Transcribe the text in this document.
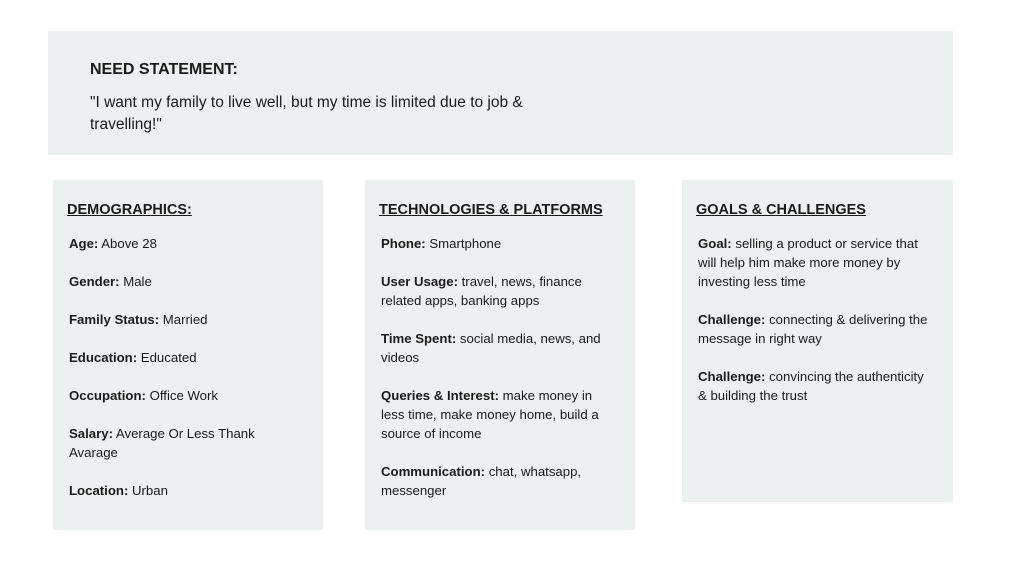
NEED STATEMENT:
"I want my family to live well, but my time is limited due to job & travelling!"
DEMOGRAPHICS:
Age: Above 28
Gender: Male
Family Status: Married
Education: Educated
Occupation: Office Work
Salary: Average Or Less Thank Avarage
Location: Urban
TECHNOLOGIES & PLATFORMS
Phone: Smartphone
User Usage: travel, news, finance related apps, banking apps
Time Spent: social media, news, and videos
Queries & Interest: make money in less time, make money home, build a source of income
Communication: chat, whatsapp, messenger
GOALS & CHALLENGES
Goal: selling a product or service that will help him make more money by investing less time
Challenge: connecting & delivering the message in right way
Challenge: convincing the authenticity & building the trust
